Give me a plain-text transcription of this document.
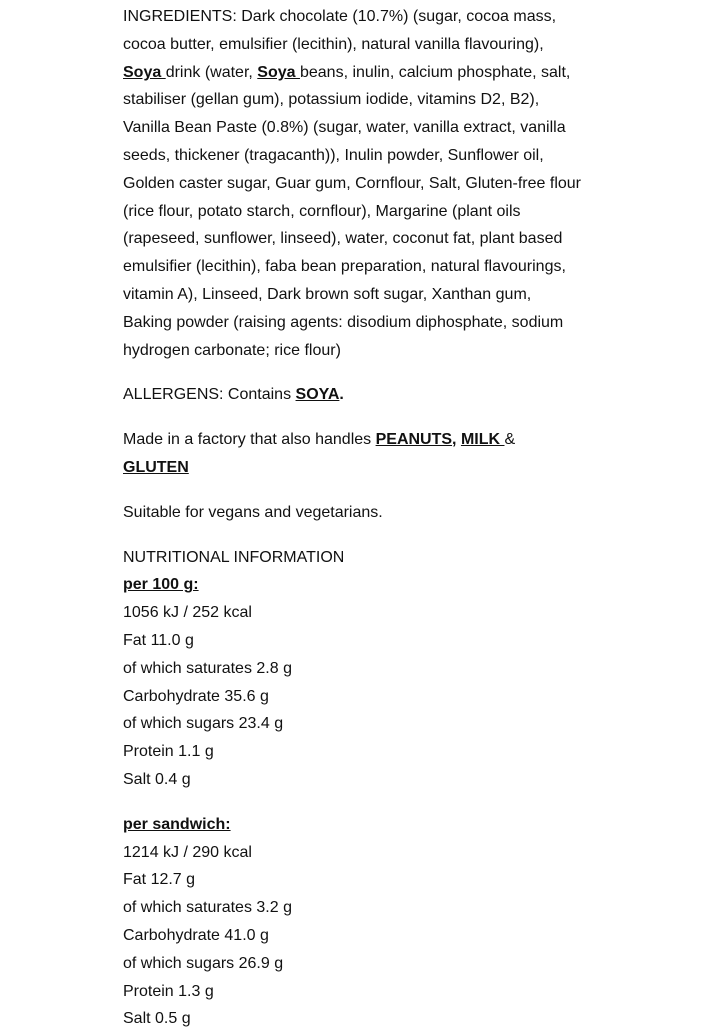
INGREDIENTS: Dark chocolate (10.7%) (sugar, cocoa mass, cocoa butter, emulsifier (lecithin), natural vanilla flavouring), Soya drink (water, Soya beans, inulin, calcium phosphate, salt, stabiliser (gellan gum), potassium iodide, vitamins D2, B2), Vanilla Bean Paste (0.8%) (sugar, water, vanilla extract, vanilla seeds, thickener (tragacanth)), Inulin powder, Sunflower oil, Golden caster sugar, Guar gum, Cornflour, Salt, Gluten-free flour (rice flour, potato starch, cornflour), Margarine (plant oils (rapeseed, sunflower, linseed), water, coconut fat, plant based emulsifier (lecithin), faba bean preparation, natural flavourings, vitamin A), Linseed, Dark brown soft sugar, Xanthan gum, Baking powder (raising agents: disodium diphosphate, sodium hydrogen carbonate; rice flour)

ALLERGENS: Contains SOYA.

Made in a factory that also handles PEANUTS, MILK & GLUTEN

Suitable for vegans and vegetarians.

NUTRITIONAL INFORMATION
per 100 g:
1056 kJ / 252 kcal
Fat 11.0 g
of which saturates 2.8 g
Carbohydrate 35.6 g
of which sugars 23.4 g
Protein 1.1 g
Salt 0.4 g
per sandwich:
1214 kJ / 290 kcal
Fat 12.7 g
of which saturates 3.2 g
Carbohydrate 41.0 g
of which sugars 26.9 g
Protein 1.3 g
Salt 0.5 g
